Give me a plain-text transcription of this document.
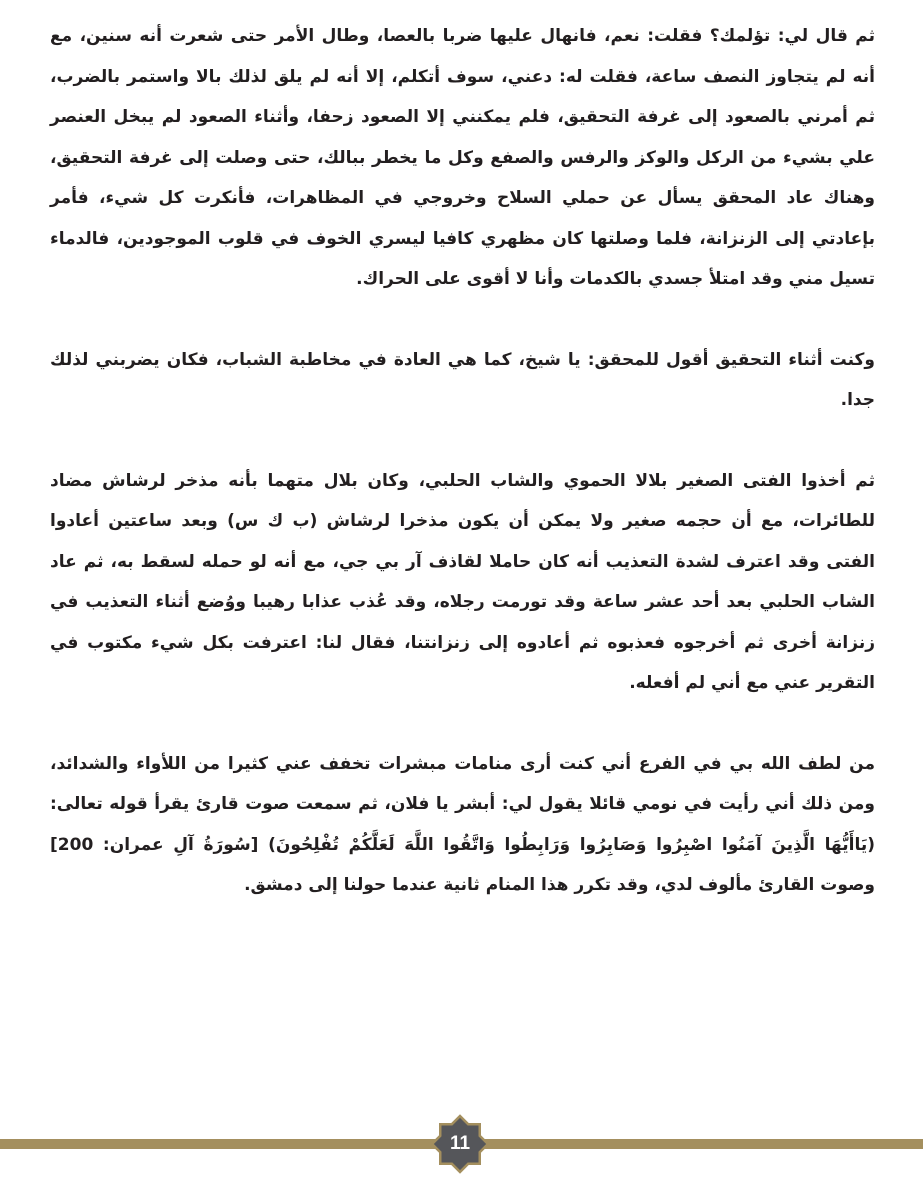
ثم قال لي: تؤلمك؟ فقلت: نعم، فانهال عليها ضربا بالعصا، وطال الأمر حتى شعرت أنه سنين، مع أنه لم يتجاوز النصف ساعة، فقلت له: دعني، سوف أتكلم، إلا أنه لم يلق لذلك بالا واستمر بالضرب، ثم أمرني بالصعود إلى غرفة التحقيق، فلم يمكنني إلا الصعود زحفا، وأثناء الصعود لم يبخل العنصر علي بشيء من الركل والوكز والرفس والصفع وكل ما يخطر ببالك، حتى وصلت إلى غرفة التحقيق، وهناك عاد المحقق يسأل عن حملي السلاح وخروجي في المظاهرات، فأنكرت كل شيء، فأمر بإعادتي إلى الزنزانة، فلما وصلتها كان مظهري كافيا ليسري الخوف في قلوب الموجودين، فالدماء تسيل مني وقد امتلأ جسدي بالكدمات وأنا لا أقوى على الحراك.

وكنت أثناء التحقيق أقول للمحقق: يا شيخ، كما هي العادة في مخاطبة الشباب، فكان يضربني لذلك جدا.

ثم أخذوا الفتى الصغير بلالا الحموي والشاب الحلبي، وكان بلال متهما بأنه مذخر لرشاش مضاد للطائرات، مع أن حجمه صغير ولا يمكن أن يكون مذخرا لرشاش (ب ك س) وبعد ساعتين أعادوا الفتى وقد اعترف لشدة التعذيب أنه كان حاملا لقاذف آر بي جي، مع أنه لو حمله لسقط به، ثم عاد الشاب الحلبي بعد أحد عشر ساعة وقد تورمت رجلاه، وقد عُذب عذابا رهيبا ووُضع أثناء التعذيب في زنزانة أخرى ثم أخرجوه فعذبوه ثم أعادوه إلى زنزانتنا، فقال لنا: اعترفت بكل شيء مكتوب في التقرير عني مع أني لم أفعله.

من لطف الله بي في الفرع أني كنت أرى منامات مبشرات تخفف عني كثيرا من اللأواء والشدائد، ومن ذلك أني رأيت في نومي قائلا يقول لي: أبشر يا فلان، ثم سمعت صوت قارئ يقرأ قوله تعالى: (يَاأَيُّهَا الَّذِينَ آمَنُوا اصْبِرُوا وَصَابِرُوا وَرَابِطُوا وَاتَّقُوا اللَّهَ لَعَلَّكُمْ تُفْلِحُونَ) [سُورَةُ آلِ عمران: 200] وصوت القارئ مألوف لدي، وقد تكرر هذا المنام ثانية عندما حولنا إلى دمشق.

11
